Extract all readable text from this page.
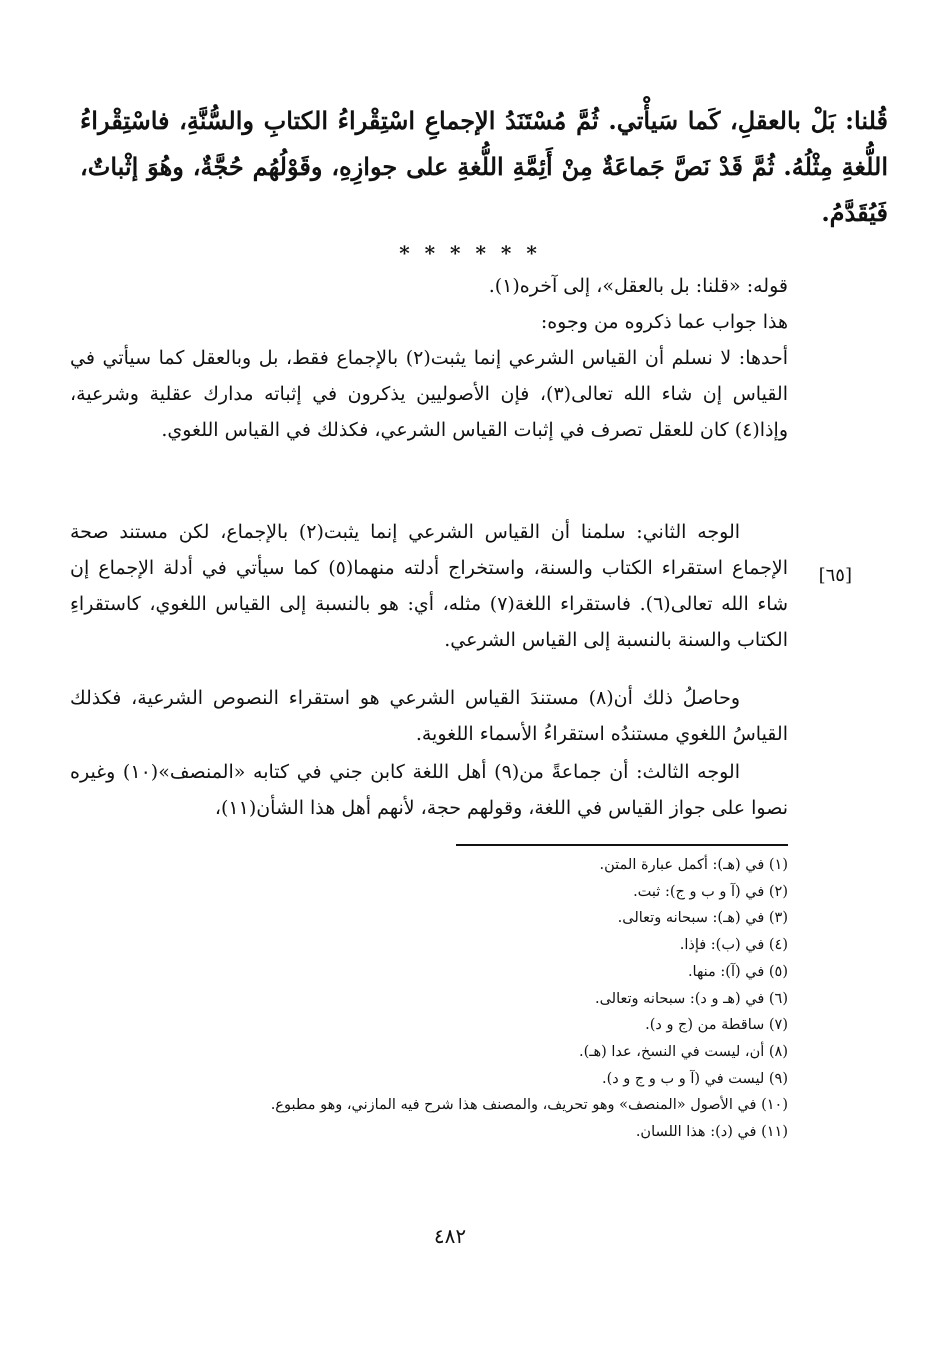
قُلنا: بَلْ بالعقلِ، كَما سَيأْتي. ثُمَّ مُسْتَنَدُ الإجماعِ اسْتِقْراءُ الكتابِ والسُّنَّةِ، فاسْتِقْراءُ اللُّغةِ مِثْلُهُ. ثُمَّ قَدْ نَصَّ جَماعَةٌ مِنْ أَئِمَّةِ اللُّغةِ على جوازِهِ، وقَوْلُهُم حُجَّةٌ، وهُوَ إثْباتٌ، فَيُقَدَّمُ.

* * * * * *

قوله: «قلنا: بل بالعقل»، إلى آخره(١).

هذا جواب عما ذكروه من وجوه:

أحدها: لا نسلم أن القياس الشرعي إنما يثبت(٢) بالإجماع فقط، بل وبالعقل كما سيأتي في القياس إن شاء الله تعالى(٣)، فإن الأصوليين يذكرون في إثباته مدارك عقلية وشرعية، وإذا(٤) كان للعقل تصرف في إثبات القياس الشرعي، فكذلك في القياس اللغوي.

الوجه الثاني: سلمنا أن القياس الشرعي إنما يثبت(٢) بالإجماع، لكن مستند صحة الإجماع استقراء الكتاب والسنة، واستخراج أدلته منهما(٥) كما سيأتي في أدلة الإجماع إن شاء الله تعالى(٦). فاستقراء اللغة(٧) مثله، أي: هو بالنسبة إلى القياس اللغوي، كاستقراءِ الكتاب والسنة بالنسبة إلى القياس الشرعي.

[٦٥]

وحاصلُ ذلك أن(٨) مستندَ القياس الشرعي هو استقراء النصوص الشرعية، فكذلك القياسُ اللغوي مستندُه استقراءُ الأسماء اللغوية.

الوجه الثالث: أن جماعةً من(٩) أهل اللغة كابن جني في كتابه «المنصف»(١٠) وغيره نصوا على جواز القياس في اللغة، وقولهم حجة، لأنهم أهل هذا الشأن(١١)،

(١) في (هـ): أكمل عبارة المتن.
(٢) في (آ و ب و ج): ثبت.
(٣) في (هـ): سبحانه وتعالى.
(٤) في (ب): فإذا.
(٥) في (آ): منها.
(٦) في (هـ و د): سبحانه وتعالى.
(٧) ساقطة من (ج و د).
(٨) أن، ليست في النسخ، عدا (هـ).
(٩) ليست في (آ و ب و ج و د).
(١٠) في الأصول «المنصف» وهو تحريف، والمصنف هذا شرح فيه المازني، وهو مطبوع.
(١١) في (د): هذا اللسان.
٤٨٢
